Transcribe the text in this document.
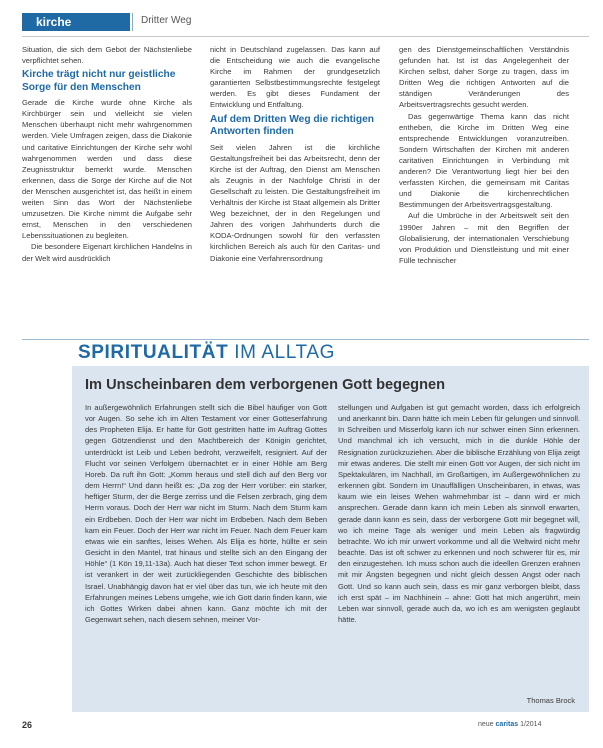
kirche	Dritter Weg

Situation, die sich dem Gebot der Nächstenliebe verpflichtet sehen.

Kirche trägt nicht nur geistliche Sorge für den Menschen

Gerade die Kirche wurde ohne Kirche als Kirchbürger sein und vielleicht sie vielen Menschen überhaupt nicht mehr wahrgenommen werden. Viele Umfragen zeigen, dass die Diakonie und caritative Einrichtungen der Kirche sehr wohl wahrgenommen werden und dass diese Zeugnisstruktur bemerkt wurde. Menschen erkennen, dass die Sorge der Kirche auf die Not der Menschen ausgerichtet ist, das heißt in einem weiten Sinn das Wort der Nächstenliebe umzusetzen. Die Kirche nimmt die Aufgabe sehr ernst, Menschen in den verschiedenen Lebenssituationen zu begleiten.

Die besondere Eigenart kirchlichen Handelns in der Welt wird ausdrücklich

nicht in Deutschland zugelassen. Das kann auf die Entscheidung wie auch die evangelische Kirche im Rahmen der grundgesetzlich garantierten Selbstbestimmungsrechte festgelegt werden. Es gibt dieses Fundament der Entwicklung und Entfaltung.

Auf dem Dritten Weg die richtigen Antworten finden

Seit vielen Jahren ist die kirchliche Gestaltungsfreiheit bei das Arbeitsrecht, denn der Kirche ist der Auftrag, den Dienst am Menschen als Zeugnis in der Nachfolge Christi in der Gesellschaft zu leisten. Die Gestaltungsfreiheit im Verhältnis der Kirche ist Staat allgemein als Dritter Weg bezeichnet, der in den Regelungen und Jahren des vorigen Jahrhunderts durch die KODA-Ordnungen sowohl für den verfassten kirchlichen Bereich als auch für den Caritas- und Diakonie eine Verfahrensordnung

gen des Dienstgemeinschaftlichen Verständnis gefunden hat. Ist ist das Angelegenheit der Kirchen selbst, daher Sorge zu tragen, dass im Dritten Weg die richtigen Antworten auf die ständigen Veränderungen des Arbeitsvertragsrechts gesucht werden.

Das gegenwärtige Thema kann das nicht entheben, die Kirche im Dritten Weg eine entsprechende Entwicklungen voranzutreiben. Sondern Wirtschaften der Kirchen mit anderen caritativen Einrichtungen in Verbindung mit anderen? Die Verantwortung liegt hier bei den verfassten Kirchen, die gemeinsam mit Caritas und Diakonie die kirchenrechtlichen Bestimmungen der Arbeitsvertragsgestaltung.

Auf die Umbrüche in der Arbeitswelt seit den 1990er Jahren – mit den Begriffen der Globalisierung, der internationalen Verschiebung von Produktion und Dienstleistung und mit einer Fülle technischer

SPIRITUALITÄT IM ALLTAG
Im Unscheinbaren dem verborgenen Gott begegnen
In außergewöhnlich Erfahrungen stellt sich die Bibel häufiger von Gott vor Augen. So sehe ich im Alten Testament vor einer Gotteserfahrung des Propheten Elija. Er hatte für Gott gestritten hatte im Auftrag Gottes gegen Götzendienst und den Machtbereich der Königin gerichtet, unterdrückt ist Leib und Leben bedroht, verzweifelt, resigniert. Auf der Flucht vor seinen Verfolgern übernachtet er in einer Höhle am Berg Horeb. Da ruft ihn Gott: „Komm heraus und stell dich auf den Berg vor dem Herrn!“ Und dann heißt es: „Da zog der Herr vorüber: ein starker, heftiger Sturm, der die Berge zerriss und die Felsen zerbrach, ging dem Herrn voraus. Doch der Herr war nicht im Sturm. Nach dem Sturm kam ein Erdbeben. Doch der Herr war nicht im Erdbeben. Nach dem Beben kam ein Feuer. Doch der Herr war nicht im Feuer. Nach dem Feuer kam etwas wie ein sanftes, leises Wehen. Als Elija es hörte, hüllte er sein Gesicht in den Mantel, trat hinaus und stellte sich an den Eingang der Höhle“ (1 Kön 19,11-13a). Auch hat dieser Text schon immer bewegt. Er ist verankert in der weit zurückliegenden Geschichte des biblischen Israel. Unabhängig davon hat er viel über das tun, wie ich heute mit den Erfahrungen meines Lebens umgehe, wie ich Gott darin finden kann, wie ich Gottes Wirken dabei ahnen kann. Ganz möchte ich mit der Gegenwart sehen, nach diesem sehnen, meiner Vor-
stellungen und Aufgaben ist gut gemacht worden, dass ich erfolgreich und anerkannt bin. Dann hätte ich mein Leben für gelungen und sinnvoll. In Schreiben und Misserfolg kann ich nur schwer einen Sinn erkennen. Und manchmal ich ich versucht, mich in die dunkle Höhle der Resignation zurückzuziehen. Aber die biblische Erzählung von Elija zeigt mir etwas anderes. Die stellt mir einen Gott vor Augen, der sich nicht im Spektakulären, im Nachhall, im Großartigen, im Außergewöhnlichen zu erkennen gibt. Sondern im Unauffälligen Unscheinbaren, in etwas, was kaum wie ein leises Wehen wahrnehmbar ist – dann wird er mich ansprechen. Gerade dann kann ich mein Leben als sinnvoll erwarten, gerade dann kann es sein, dass der verborgene Gott mir begegnet will, wo ich meine Tage als weniger und mein Leben als fragwürdig betrachte. Wo ich mir unwert vorkomme und all die Weltwird nicht mehr beachte. Das ist oft schwer zu erkennen und noch schwerer für es, mir den einzugestehen. Ich muss schon auch die ideellen Grenzen erahnen mit mir Ängsten begegnen und nicht gleich dessen Angst oder nach Gott. Und so kann auch sein, dass es mir ganz verborgen bleibt, dass ich erst spät – im Nachhinein – ahne: Gott hat mich angerührt, mein Leben war sinnvoll, gerade auch da, wo ich es am wenigsten geglaubt hätte.
Thomas Brock
26	neue caritas 1/2014
